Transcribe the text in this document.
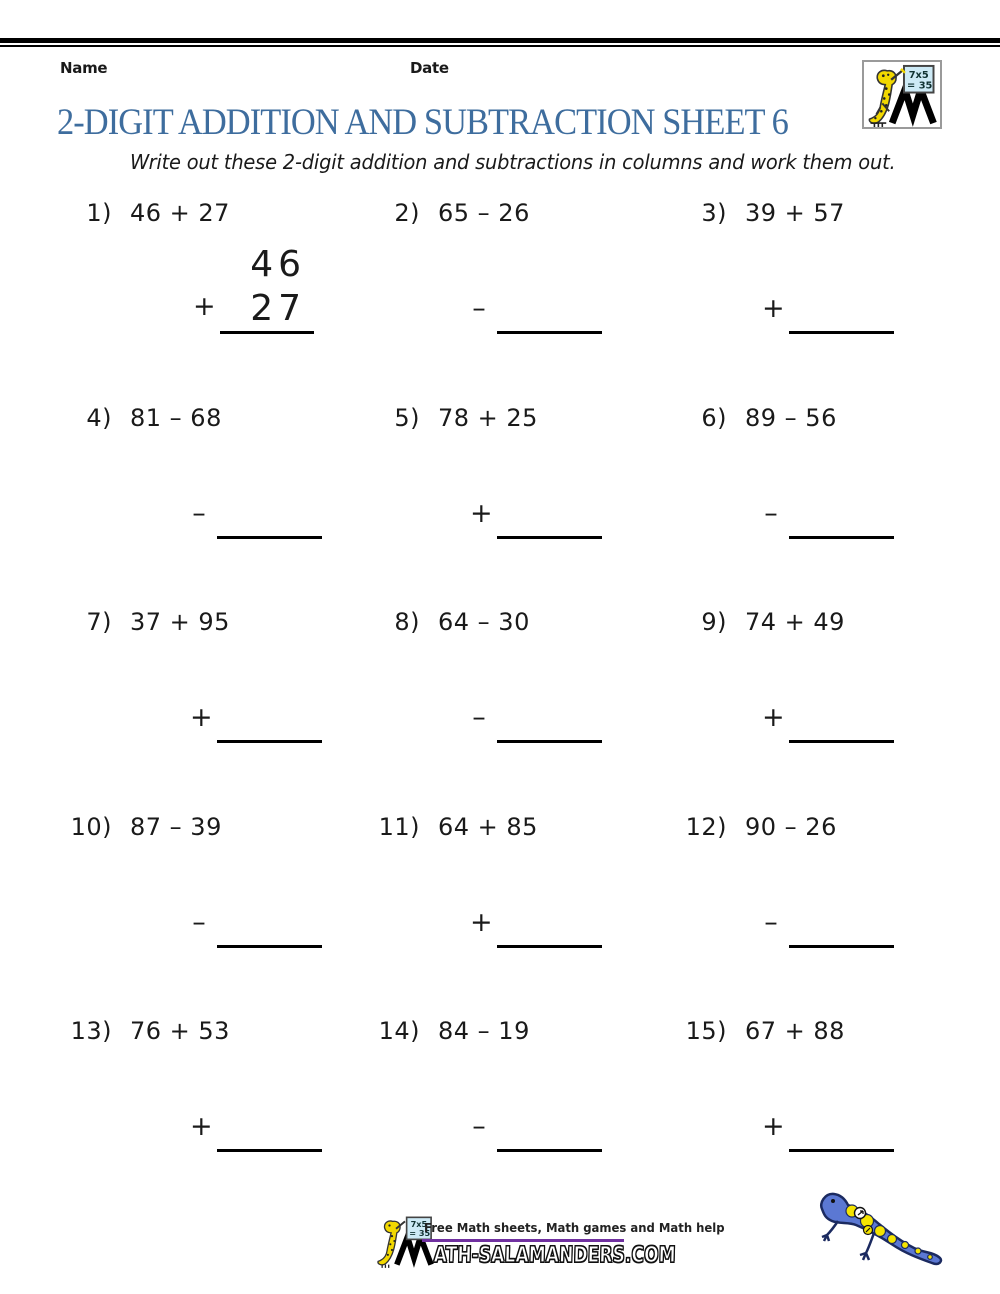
Name	Date	7x5
= 35
2-DIGIT ADDITION AND SUBTRACTION SHEET 6
Write out these 2-digit addition and subtractions in columns and work them out.
1) 46 + 27
+
46
27
2) 65 – 26
–
3) 39 + 57
+
4) 81 – 68
–
5) 78 + 25
+
6) 89 – 56
–
7) 37 + 95
+
8) 64 – 30
–
9) 74 + 49
+
10) 87 – 39
–
11) 64 + 85
+
12) 90 – 26
–
13) 76 + 53
+
14) 84 – 19
–
15) 67 + 88
+
7x5
= 35
Free Math sheets, Math games and Math help
ATH-SALAMANDERS.COM
